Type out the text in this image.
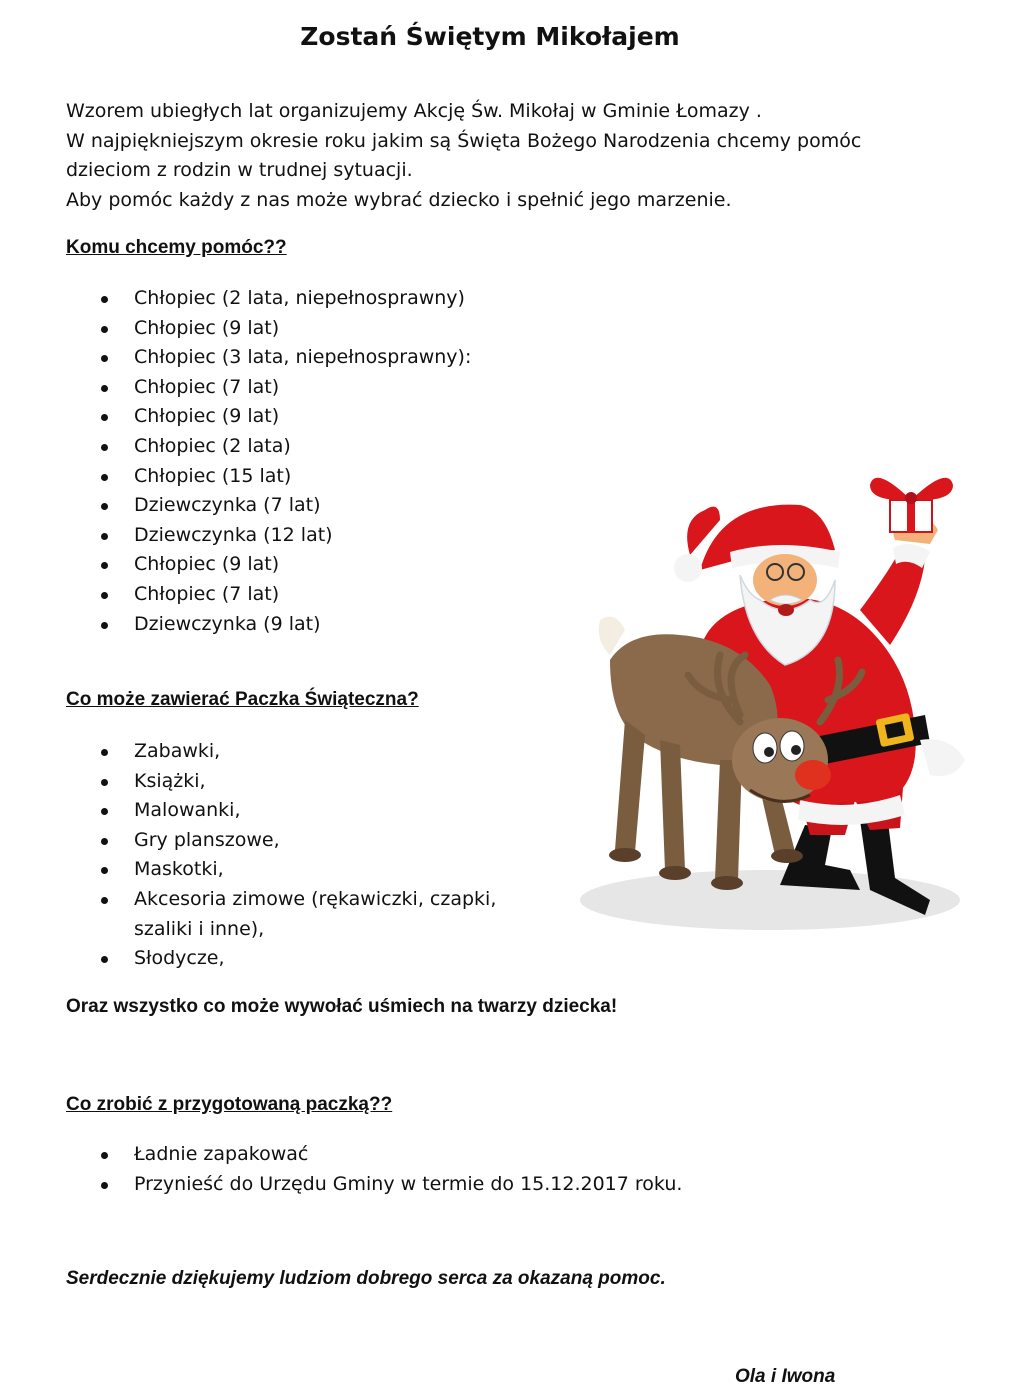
Zostań Świętym Mikołajem

Wzorem ubiegłych lat organizujemy Akcję Św. Mikołaj w Gminie Łomazy .

W najpiękniejszym okresie roku jakim są Święta Bożego Narodzenia chcemy pomóc

dzieciom z rodzin w trudnej sytuacji.

Aby pomóc każdy z nas może wybrać dziecko i spełnić jego marzenie.

Komu chcemy pomóc??
Chłopiec (2 lata, niepełnosprawny)
Chłopiec (9 lat)
Chłopiec (3 lata, niepełnosprawny):
Chłopiec (7 lat)
Chłopiec (9 lat)
Chłopiec (2 lata)
Chłopiec (15 lat)
Dziewczynka (7 lat)
Dziewczynka (12 lat)
Chłopiec (9 lat)
Chłopiec (7 lat)
Dziewczynka (9 lat)
Co może zawierać Paczka Świąteczna?
Zabawki,
Książki,
Malowanki,
Gry planszowe,
Maskotki,
Akcesoria zimowe (rękawiczki, czapki, szaliki i inne),
Słodycze,

Oraz wszystko co może wywołać uśmiech na twarzy dziecka!

Co zrobić z przygotowaną paczką??
Ładnie zapakować
Przynieść do Urzędu Gminy w termie do 15.12.2017 roku.

Serdecznie dziękujemy ludziom dobrego serca za okazaną pomoc.

Ola i Iwona
